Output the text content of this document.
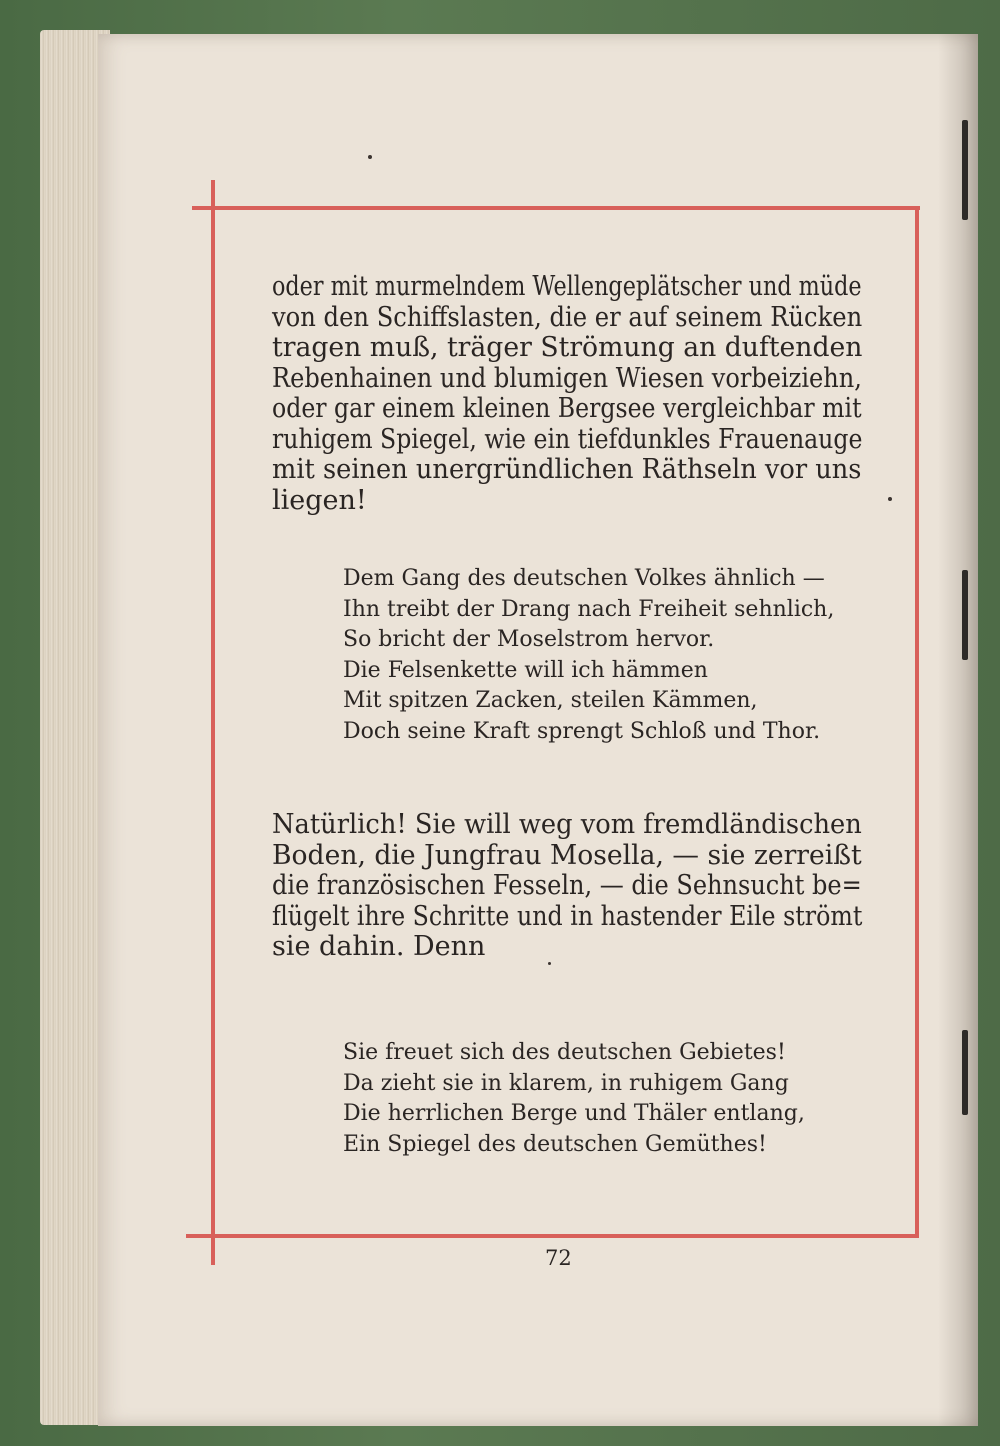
oder mit murmelndem Wellengeplätscher und müde
von den Schiffslasten, die er auf seinem Rücken
tragen muß, träger Strömung an duftenden
Rebenhainen und blumigen Wiesen vorbeiziehn,
oder gar einem kleinen Bergsee vergleichbar mit
ruhigem Spiegel, wie ein tiefdunkles Frauenauge
mit seinen unergründlichen Räthseln vor uns
liegen!
Dem Gang des deutschen Volkes ähnlich —
Ihn treibt der Drang nach Freiheit sehnlich,
So bricht der Moselstrom hervor.
Die Felsenkette will ich hämmen
Mit spitzen Zacken, steilen Kämmen,
Doch seine Kraft sprengt Schloß und Thor.
Natürlich! Sie will weg vom fremdländischen
Boden, die Jungfrau Mosella, — sie zerreißt
die französischen Fesseln, — die Sehnsucht be=
flügelt ihre Schritte und in hastender Eile strömt
sie dahin. Denn
Sie freuet sich des deutschen Gebietes!
Da zieht sie in klarem, in ruhigem Gang
Die herrlichen Berge und Thäler entlang,
Ein Spiegel des deutschen Gemüthes!
72
